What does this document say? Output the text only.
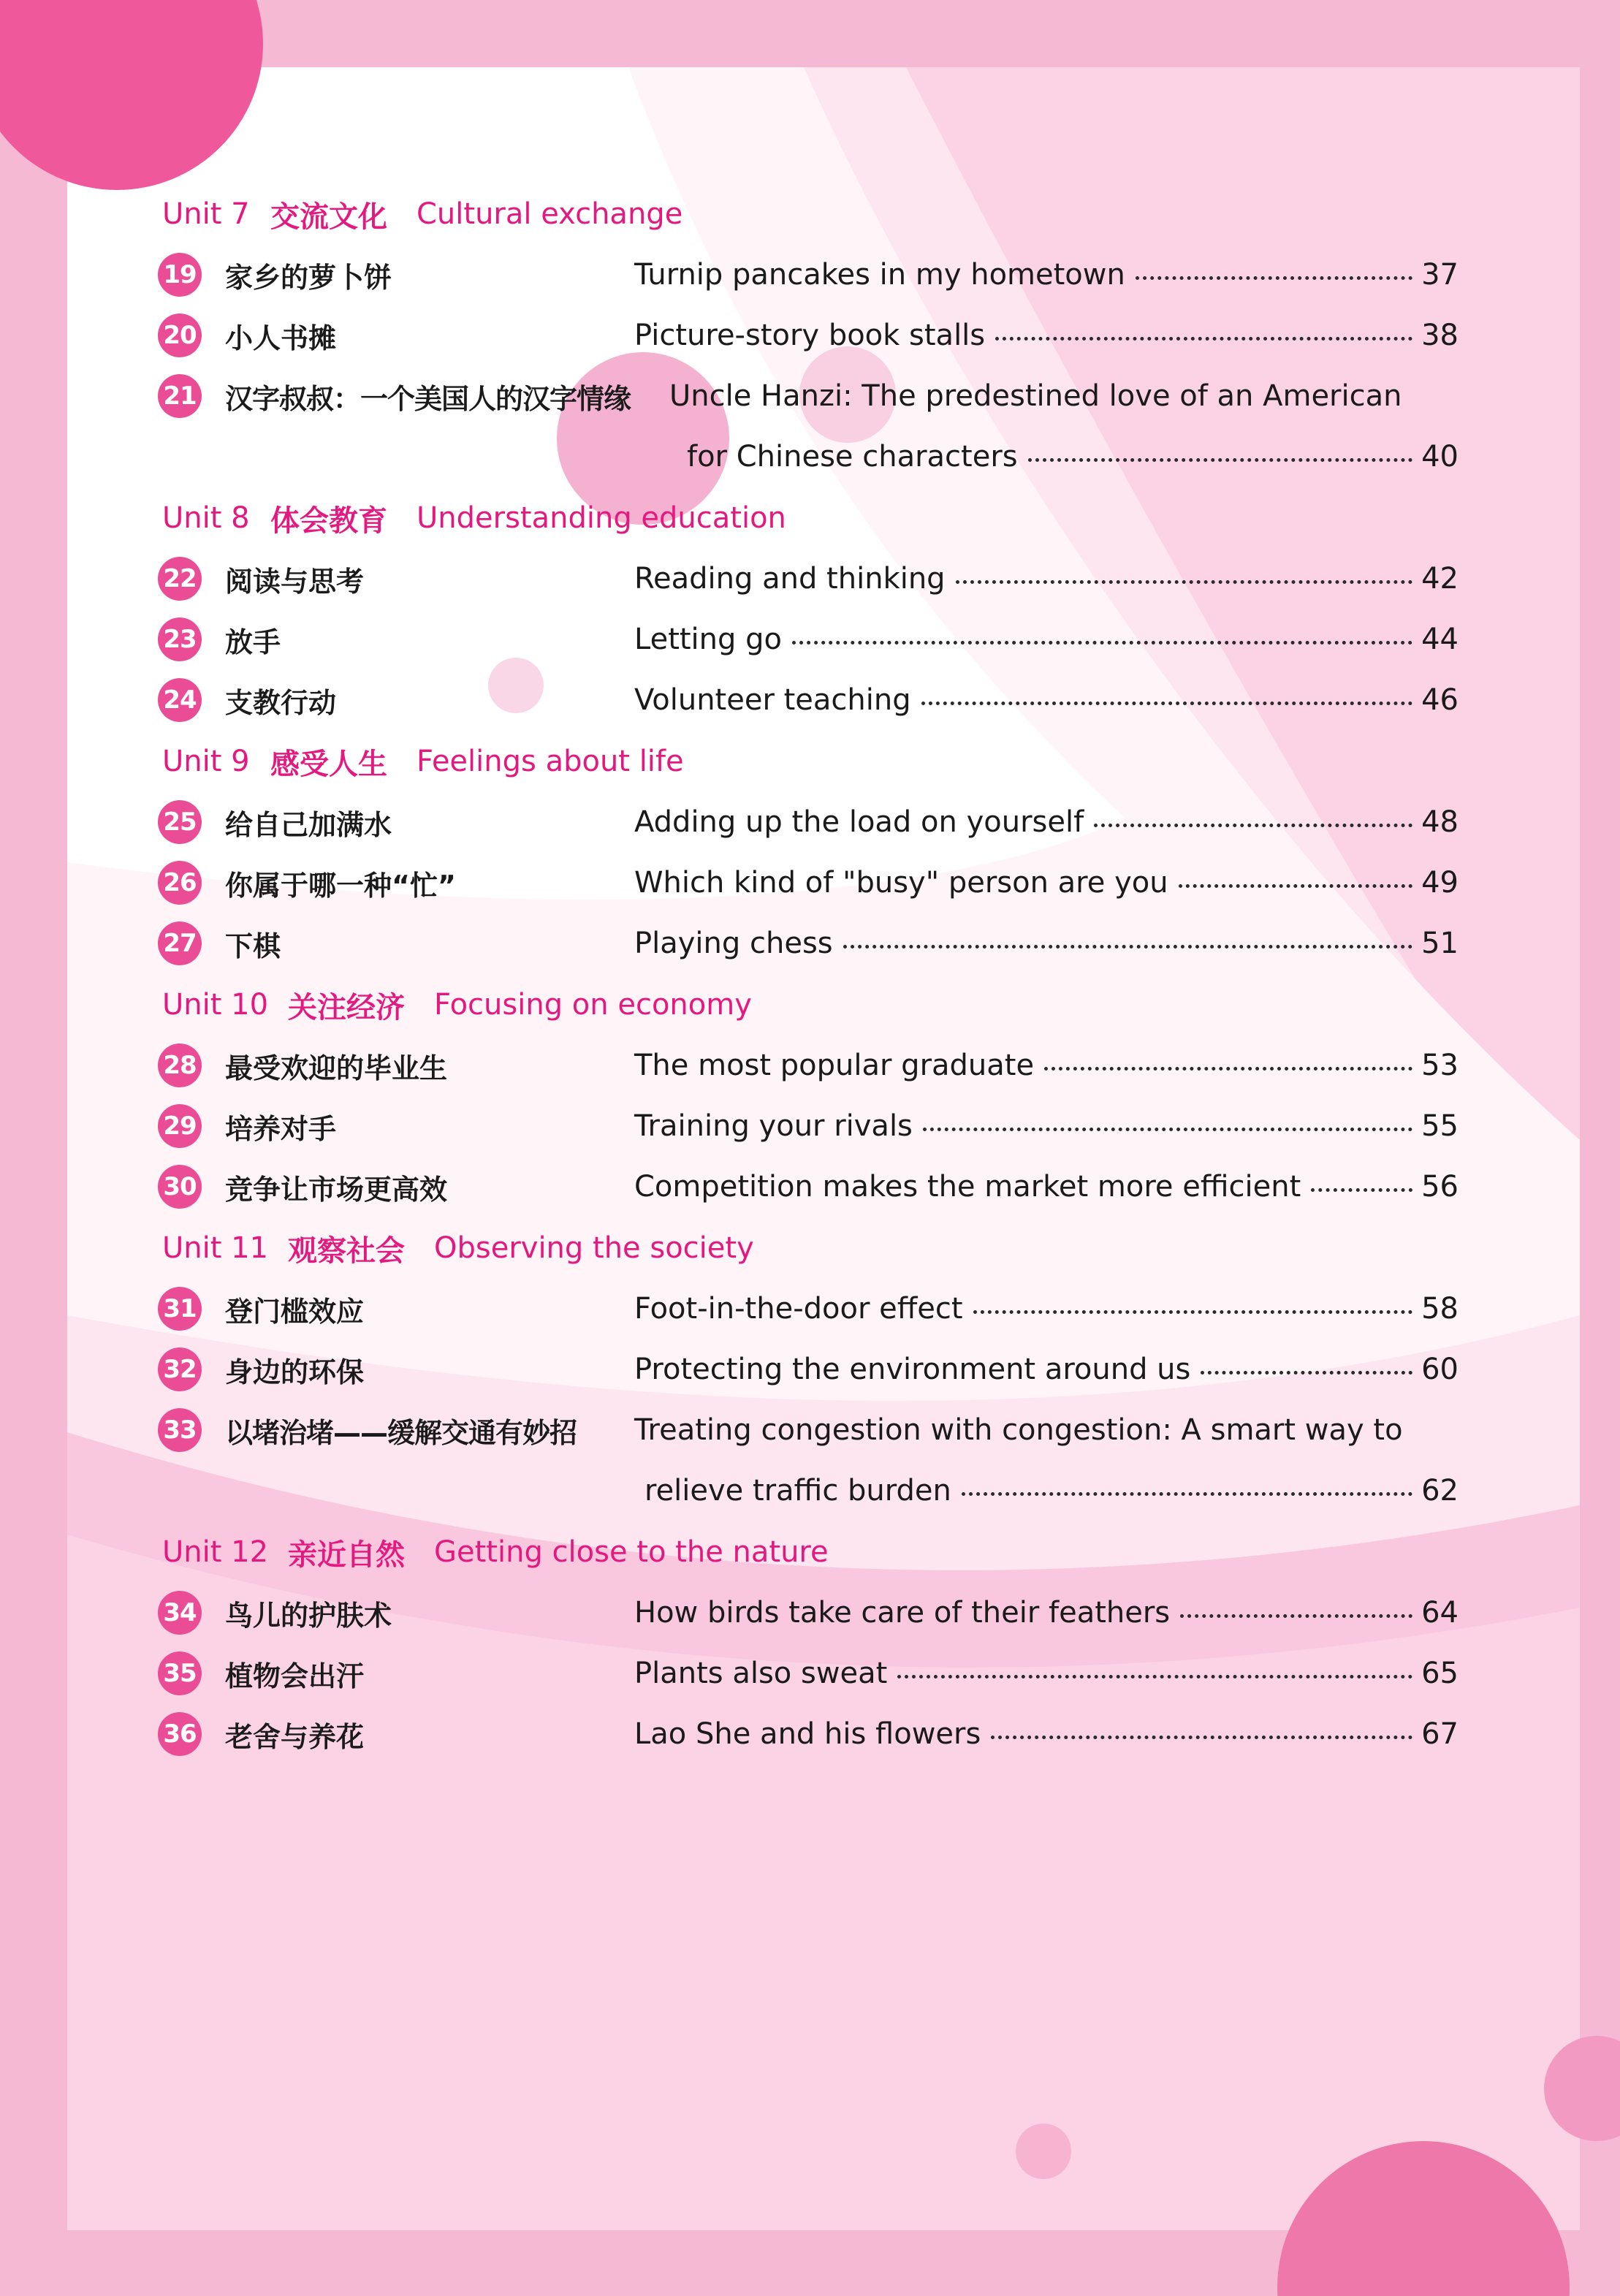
Unit 7 交流文化 Cultural exchange
19 家乡的萝卜饼	Turnip pancakes in my hometown	37
20 小人书摊	Picture-story book stalls	38
21 汉字叔叔：一个美国人的汉字情缘	Uncle Hanzi: The predestined love of an American
for Chinese characters	40
Unit 8 体会教育 Understanding education
22 阅读与思考	Reading and thinking	42
23 放手	Letting go	44
24 支教行动	Volunteer teaching	46
Unit 9 感受人生 Feelings about life
25 给自己加满水	Adding up the load on yourself	48
26 你属于哪一种“忙”	Which kind of "busy" person are you	49
27 下棋	Playing chess	51
Unit 10 关注经济 Focusing on economy
28 最受欢迎的毕业生	The most popular graduate	53
29 培养对手	Training your rivals	55
30 竞争让市场更高效	Competition makes the market more efficient	56
Unit 11 观察社会 Observing the society
31 登门槛效应	Foot-in-the-door effect	58
32 身边的环保	Protecting the environment around us	60
33 以堵治堵——缓解交通有妙招	Treating congestion with congestion: A smart way to
relieve traffic burden	62
Unit 12 亲近自然 Getting close to the nature
34 鸟儿的护肤术	How birds take care of their feathers	64
35 植物会出汗	Plants also sweat	65
36 老舍与养花	Lao She and his flowers	67
